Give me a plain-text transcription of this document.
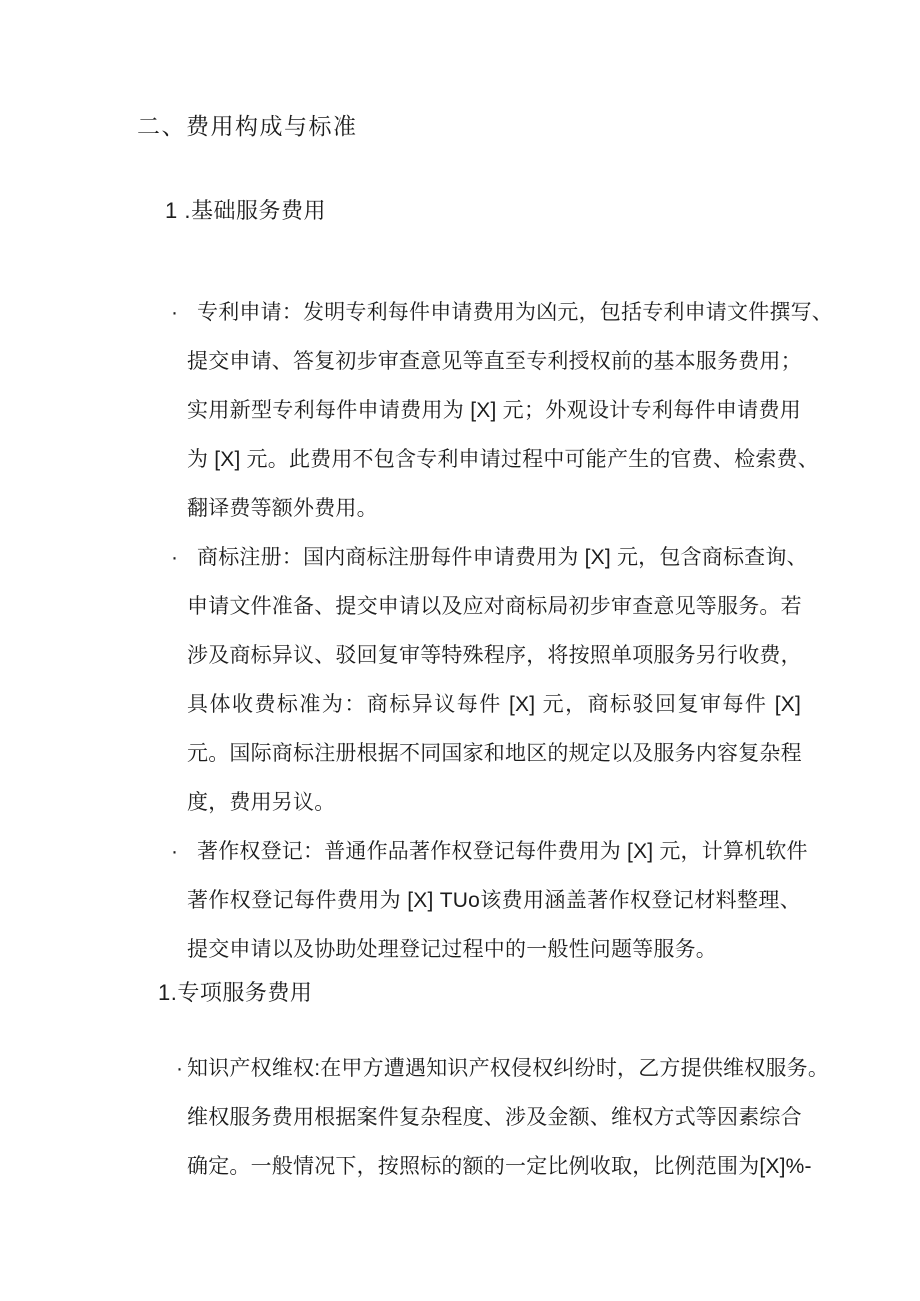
二、费用构成与标准
1 .基础服务费用
· 专利申请：发明专利每件申请费用为凶元，包括专利申请文件撰写、
提交申请、答复初步审查意见等直至专利授权前的基本服务费用；
实用新型专利每件申请费用为 [X] 元；外观设计专利每件申请费用
为 [X] 元。此费用不包含专利申请过程中可能产生的官费、检索费、
翻译费等额外费用。
· 商标注册：国内商标注册每件申请费用为 [X] 元，包含商标查询、
申请文件准备、提交申请以及应对商标局初步审查意见等服务。若
涉及商标异议、驳回复审等特殊程序，将按照单项服务另行收费，
具体收费标准为：商标异议每件 [X] 元，商标驳回复审每件 [X]
元。国际商标注册根据不同国家和地区的规定以及服务内容复杂程
度，费用另议。
· 著作权登记：普通作品著作权登记每件费用为 [X] 元，计算机软件
著作权登记每件费用为 [X] TUo该费用涵盖著作权登记材料整理、
提交申请以及协助处理登记过程中的一般性问题等服务。
1.专项服务费用
· 知识产权维权:在甲方遭遇知识产权侵权纠纷时，乙方提供维权服务。
维权服务费用根据案件复杂程度、涉及金额、维权方式等因素综合
确定。一般情况下，按照标的额的一定比例收取，比例范围为[X]%-
